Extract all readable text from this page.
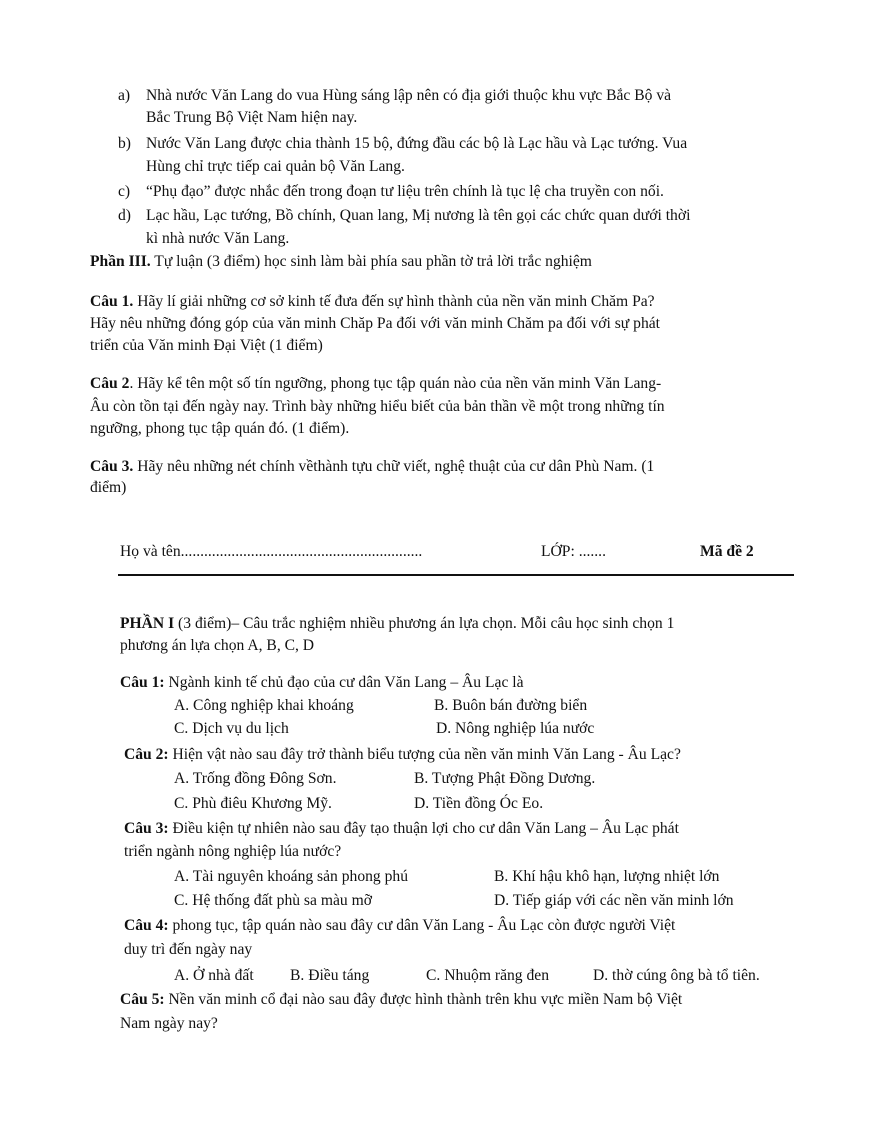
a) Nhà nước Văn Lang do vua Hùng sáng lập nên có địa giới thuộc khu vực Bắc Bộ và
Bắc Trung Bộ Việt Nam hiện nay.
b) Nước Văn Lang được chia thành 15 bộ, đứng đầu các bộ là Lạc hầu và Lạc tướng. Vua
Hùng chỉ trực tiếp cai quản bộ Văn Lang.
c) “Phụ đạo” được nhắc đến trong đoạn tư liệu trên chính là tục lệ cha truyền con nối.
d) Lạc hầu, Lạc tướng, Bồ chính, Quan lang, Mị nương là tên gọi các chức quan dưới thời
kì nhà nước Văn Lang.
Phần III. Tự luận (3 điểm) học sinh làm bài phía sau phần tờ trả lời trắc nghiệm
Câu 1. Hãy lí giải những cơ sở kinh tế đưa đến sự hình thành của nền văn minh Chăm Pa?
Hãy nêu những đóng góp của văn minh Chăp Pa đối với văn minh Chăm pa đối với sự phát
triển của Văn minh Đại Việt (1 điểm)
Câu 2. Hãy kể tên một số tín ngưỡng, phong tục tập quán nào của nền văn minh Văn Lang-
Âu còn tồn tại đến ngày nay. Trình bày những hiểu biết của bản thần về một trong những tín
ngưỡng, phong tục tập quán đó. (1 điểm).
Câu 3. Hãy nêu những nét chính vềthành tựu chữ viết, nghệ thuật của cư dân Phù Nam. (1
điểm)
Họ và tên..............................................................	LỚP: .......	Mã đề 2
PHẦN I (3 điểm)– Câu trắc nghiệm nhiều phương án lựa chọn. Mỗi câu học sinh chọn 1
phương án lựa chọn A, B, C, D
Câu 1: Ngành kinh tế chủ đạo của cư dân Văn Lang – Âu Lạc là
A. Công nghiệp khai khoáng	B. Buôn bán đường biển
C. Dịch vụ du lịch	D. Nông nghiệp lúa nước
Câu 2: Hiện vật nào sau đây trở thành biểu tượng của nền văn minh Văn Lang - Âu Lạc?
A. Trống đồng Đông Sơn.	B. Tượng Phật Đồng Dương.
C. Phù điêu Khương Mỹ.	D. Tiền đồng Óc Eo.
Câu 3: Điều kiện tự nhiên nào sau đây tạo thuận lợi cho cư dân Văn Lang – Âu Lạc phát
triển ngành nông nghiệp lúa nước?
A. Tài nguyên khoáng sản phong phú	B. Khí hậu khô hạn, lượng nhiệt lớn
C. Hệ thống đất phù sa màu mỡ	D. Tiếp giáp với các nền văn minh lớn
Câu 4: phong tục, tập quán nào sau đây cư dân Văn Lang - Âu Lạc còn được người Việt
duy trì đến ngày nay
A. Ở nhà đất B. Điều táng	C. Nhuộm răng đen	D. thờ cúng ông bà tổ tiên.
Câu 5: Nền văn minh cổ đại nào sau đây được hình thành trên khu vực miền Nam bộ Việt
Nam ngày nay?
